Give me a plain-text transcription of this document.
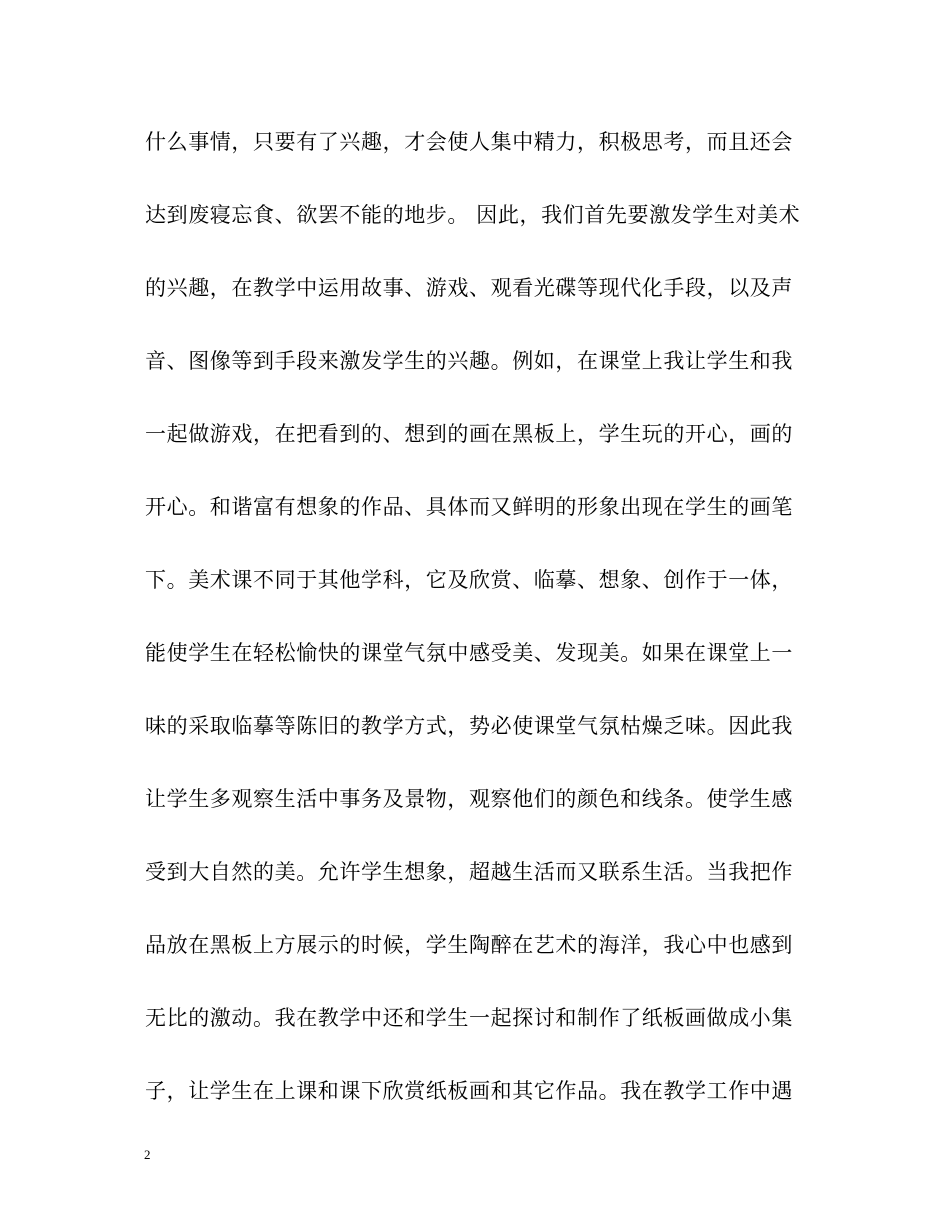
什么事情，只要有了兴趣，才会使人集中精力，积极思考，而且还会
达到废寝忘食、欲罢不能的地步。 因此，我们首先要激发学生对美术
的兴趣，在教学中运用故事、游戏、观看光碟等现代化手段，以及声
音、图像等到手段来激发学生的兴趣。例如，在课堂上我让学生和我
一起做游戏，在把看到的、想到的画在黑板上，学生玩的开心，画的
开心。和谐富有想象的作品、具体而又鲜明的形象出现在学生的画笔
下。美术课不同于其他学科，它及欣赏、临摹、想象、创作于一体，
能使学生在轻松愉快的课堂气氛中感受美、发现美。如果在课堂上一
味的采取临摹等陈旧的教学方式，势必使课堂气氛枯燥乏味。因此我
让学生多观察生活中事务及景物，观察他们的颜色和线条。使学生感
受到大自然的美。允许学生想象，超越生活而又联系生活。当我把作
品放在黑板上方展示的时候，学生陶醉在艺术的海洋，我心中也感到
无比的激动。我在教学中还和学生一起探讨和制作了纸板画做成小集
子，让学生在上课和课下欣赏纸板画和其它作品。我在教学工作中遇
2
